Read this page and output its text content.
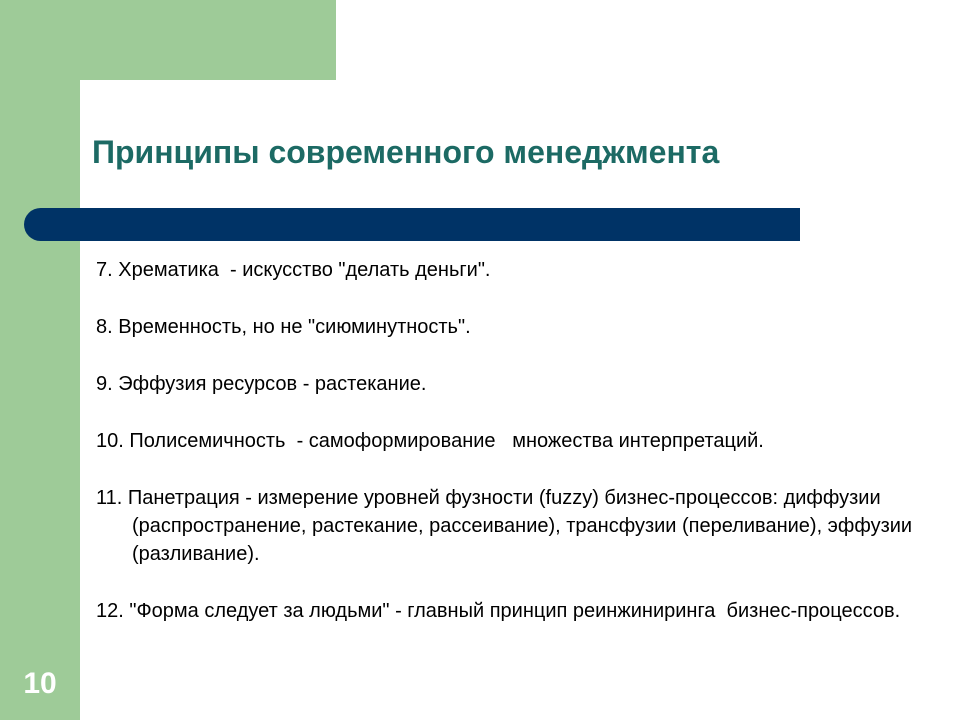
Принципы современного менеджмента
7. Хрематика  - искусство "делать деньги".
8. Временность, но не "сиюминутность".
9. Эффузия ресурсов - растекание.
10. Полисемичность  - самоформирование   множества интерпретаций.
11. Панетрация - измерение уровней фузности (fuzzy) бизнес-процессов: диффузии (распространение, растекание, рассеивание), трансфузии (переливание), эффузии (разливание).
12. "Форма следует за людьми" - главный принцип реинжиниринга  бизнес-процессов.
10
